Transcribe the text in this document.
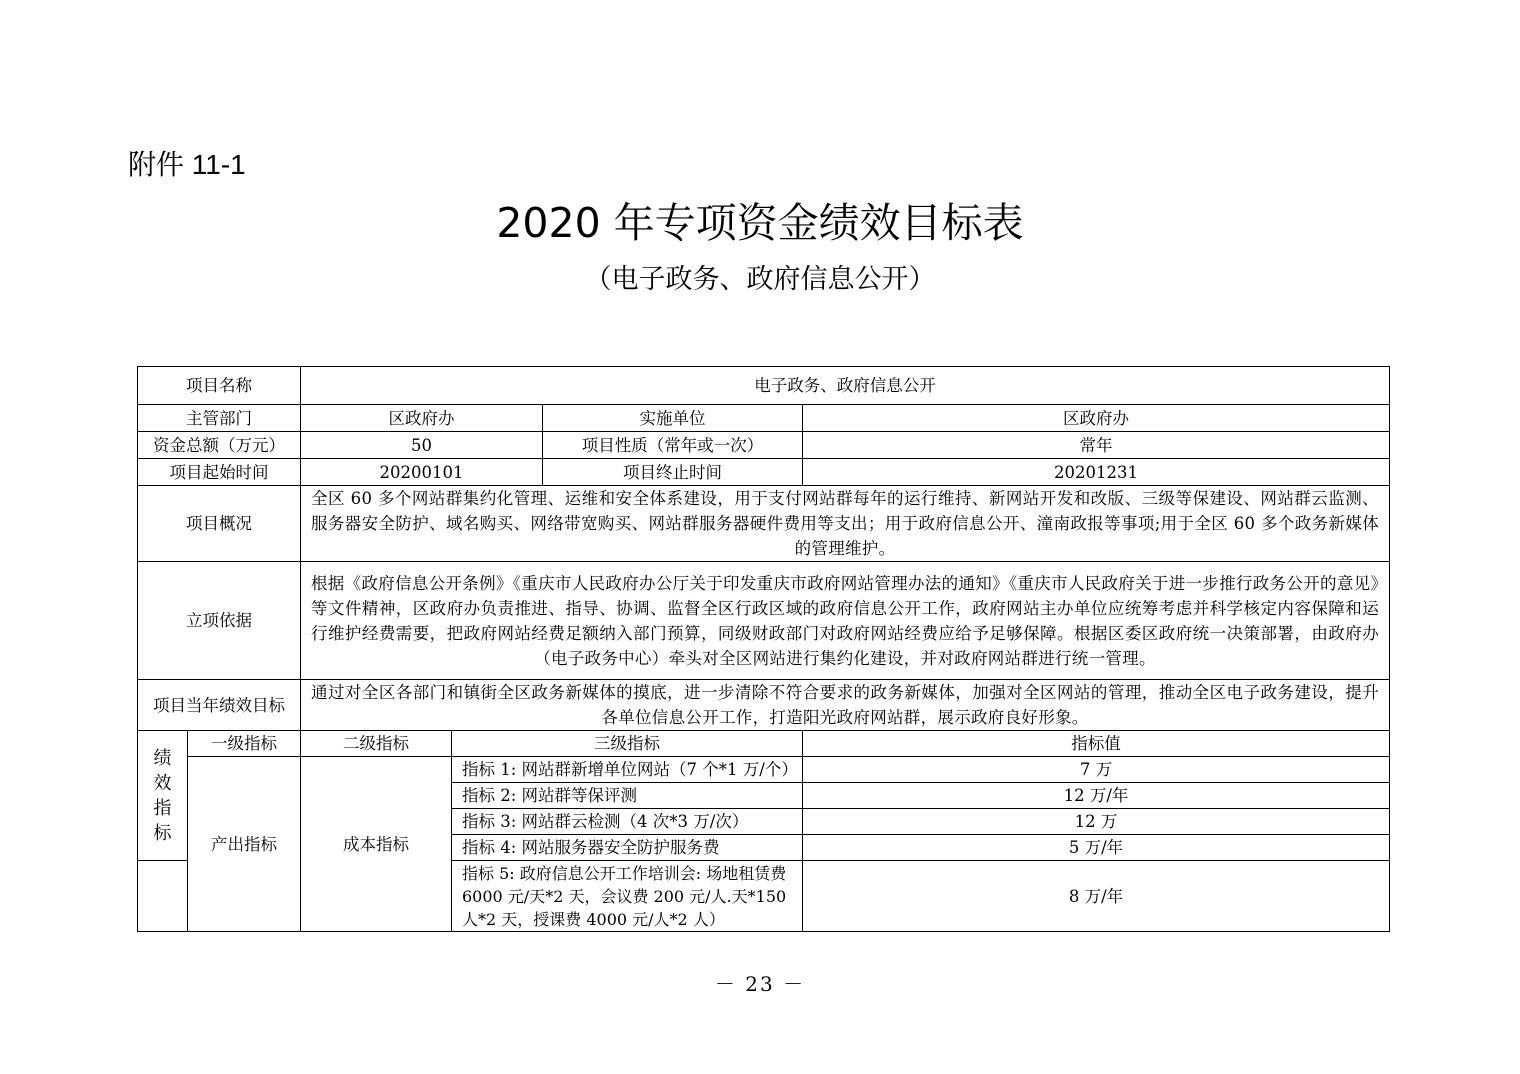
附件 11-1
2020 年专项资金绩效目标表
（电子政务、政府信息公开）
项目名称		电子政务、政府信息公开			
主管部门		区政府办		实施单位	区政府办
资金总额（万元）		50		项目性质（常年或一次）	常年
项目起始时间		20200101		项目终止时间	20201231
项目概况		全区 60 多个网站群集约化管理、运维和安全体系建设，用于支付网站群每年的运行维持、新网站开发和改版、三级等保建设、网站群云监测、服务器安全防护、域名购买、网络带宽购买、网站群服务器硬件费用等支出；用于政府信息公开、潼南政报等事项;用于全区 60 多个政务新媒体的管理维护。			
立项依据		根据《政府信息公开条例》《重庆市人民政府办公厅关于印发重庆市政府网站管理办法的通知》《重庆市人民政府关于进一步推行政务公开的意见》等文件精神，区政府办负责推进、指导、协调、监督全区行政区域的政府信息公开工作，政府网站主办单位应统筹考虑并科学核定内容保障和运行维护经费需要，把政府网站经费足额纳入部门预算，同级财政部门对政府网站经费应给予足够保障。根据区委区政府统一决策部署，由政府办（电子政务中心）牵头对全区网站进行集约化建设，并对政府网站群进行统一管理。			
项目当年绩效目标		通过对全区各部门和镇街全区政务新媒体的摸底，进一步清除不符合要求的政务新媒体，加强对全区网站的管理，推动全区电子政务建设，提升各单位信息公开工作，打造阳光政府网站群，展示政府良好形象。			
绩效指标	一级指标	二级指标	三级指标		指标值
	产出指标	成本指标	指标 1: 网站群新增单位网站（7 个*1 万/个）		7 万
			指标 2: 网站群等保评测		12 万/年
			指标 3: 网站群云检测（4 次*3 万/次）		12 万
			指标 4: 网站服务器安全防护服务费		5 万/年
			指标 5: 政府信息公开工作培训会: 场地租赁费 6000 元/天*2 天，会议费 200 元/人.天*150 人*2 天，授课费 4000 元/人*2 人）		8 万/年
－ 23 －
